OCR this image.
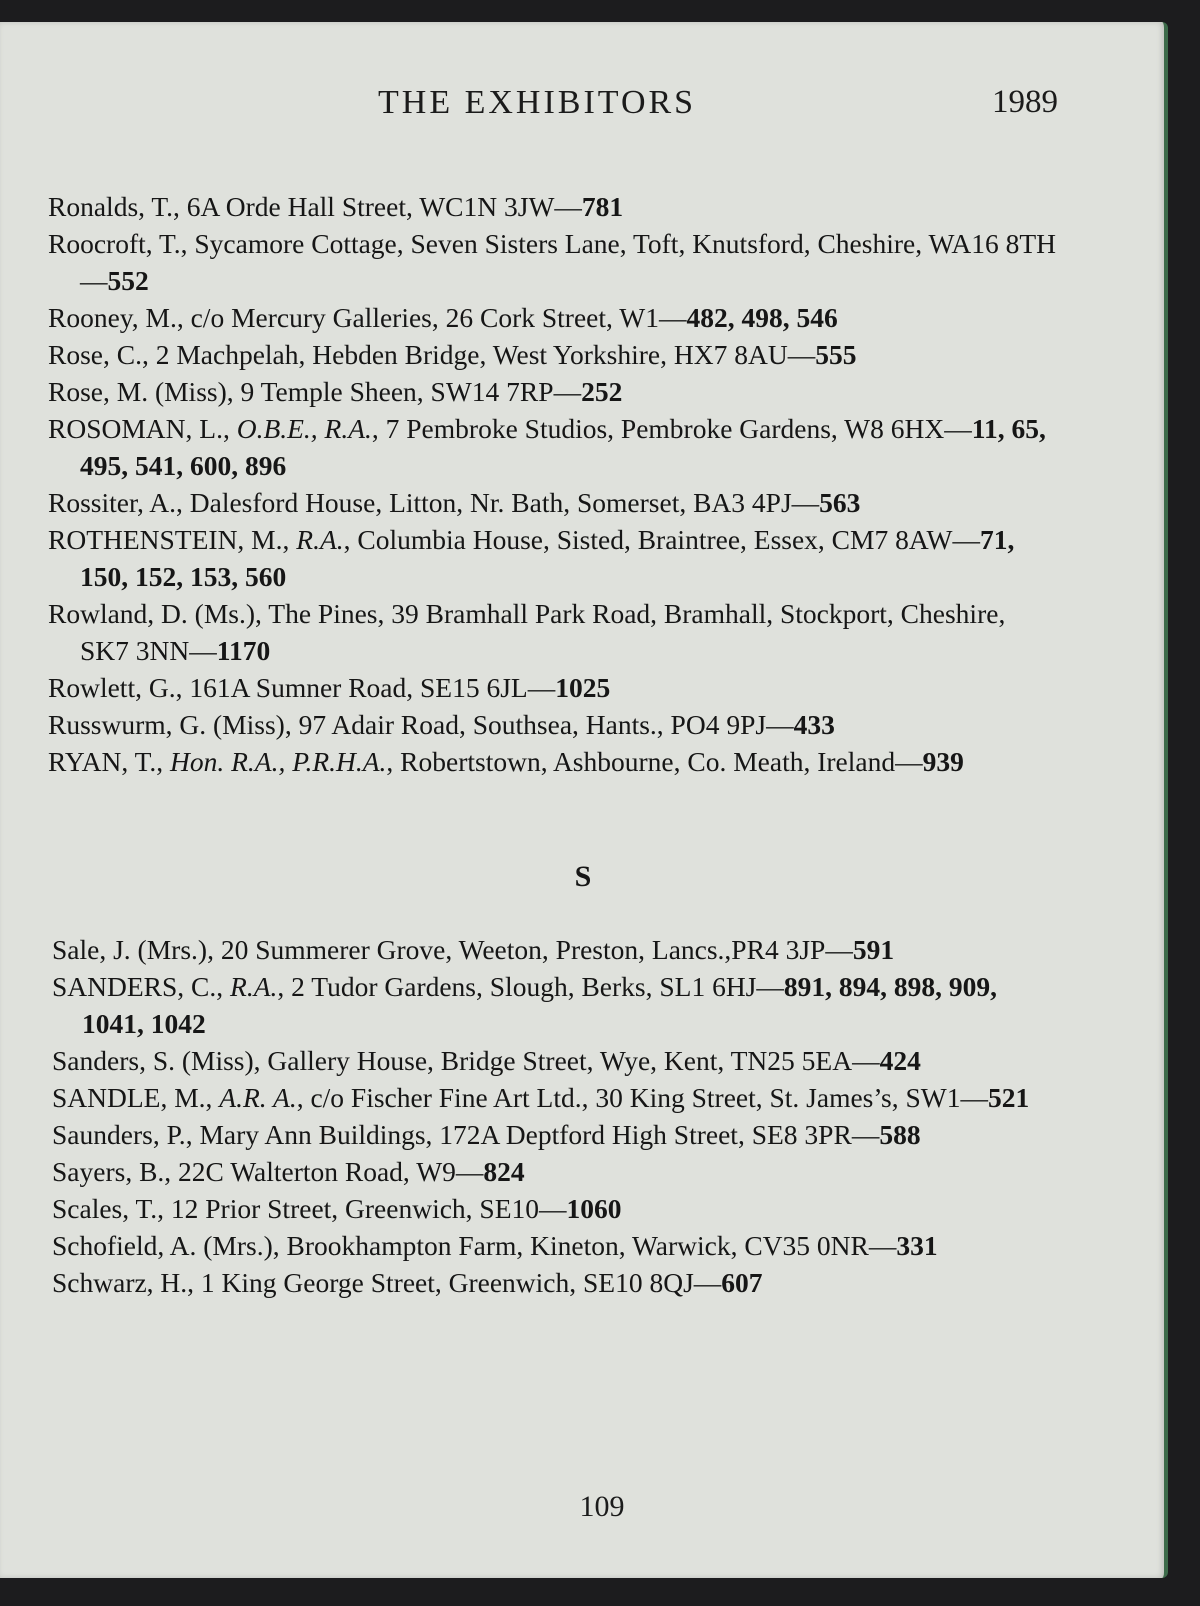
THE EXHIBITORS	1989
Ronalds, T., 6A Orde Hall Street, WC1N 3JW—781
Roocroft, T., Sycamore Cottage, Seven Sisters Lane, Toft, Knutsford, Cheshire, WA16 8TH—552
Rooney, M., c/o Mercury Galleries, 26 Cork Street, W1—482, 498, 546
Rose, C., 2 Machpelah, Hebden Bridge, West Yorkshire, HX7 8AU—555
Rose, M. (Miss), 9 Temple Sheen, SW14 7RP—252
ROSOMAN, L., O.B.E., R.A., 7 Pembroke Studios, Pembroke Gardens, W8 6HX—11, 65, 495, 541, 600, 896
Rossiter, A., Dalesford House, Litton, Nr. Bath, Somerset, BA3 4PJ—563
ROTHENSTEIN, M., R.A., Columbia House, Sisted, Braintree, Essex, CM7 8AW—71, 150, 152, 153, 560
Rowland, D. (Ms.), The Pines, 39 Bramhall Park Road, Bramhall, Stockport, Cheshire, SK7 3NN—1170
Rowlett, G., 161A Sumner Road, SE15 6JL—1025
Russwurm, G. (Miss), 97 Adair Road, Southsea, Hants., PO4 9PJ—433
RYAN, T., Hon. R.A., P.R.H.A., Robertstown, Ashbourne, Co. Meath, Ireland—939
S
Sale, J. (Mrs.), 20 Summerer Grove, Weeton, Preston, Lancs.,PR4 3JP—591
SANDERS, C., R.A., 2 Tudor Gardens, Slough, Berks, SL1 6HJ—891, 894, 898, 909, 1041, 1042
Sanders, S. (Miss), Gallery House, Bridge Street, Wye, Kent, TN25 5EA—424
SANDLE, M., A.R. A., c/o Fischer Fine Art Ltd., 30 King Street, St. James’s, SW1—521
Saunders, P., Mary Ann Buildings, 172A Deptford High Street, SE8 3PR—588
Sayers, B., 22C Walterton Road, W9—824
Scales, T., 12 Prior Street, Greenwich, SE10—1060
Schofield, A. (Mrs.), Brookhampton Farm, Kineton, Warwick, CV35 0NR—331
Schwarz, H., 1 King George Street, Greenwich, SE10 8QJ—607
109
